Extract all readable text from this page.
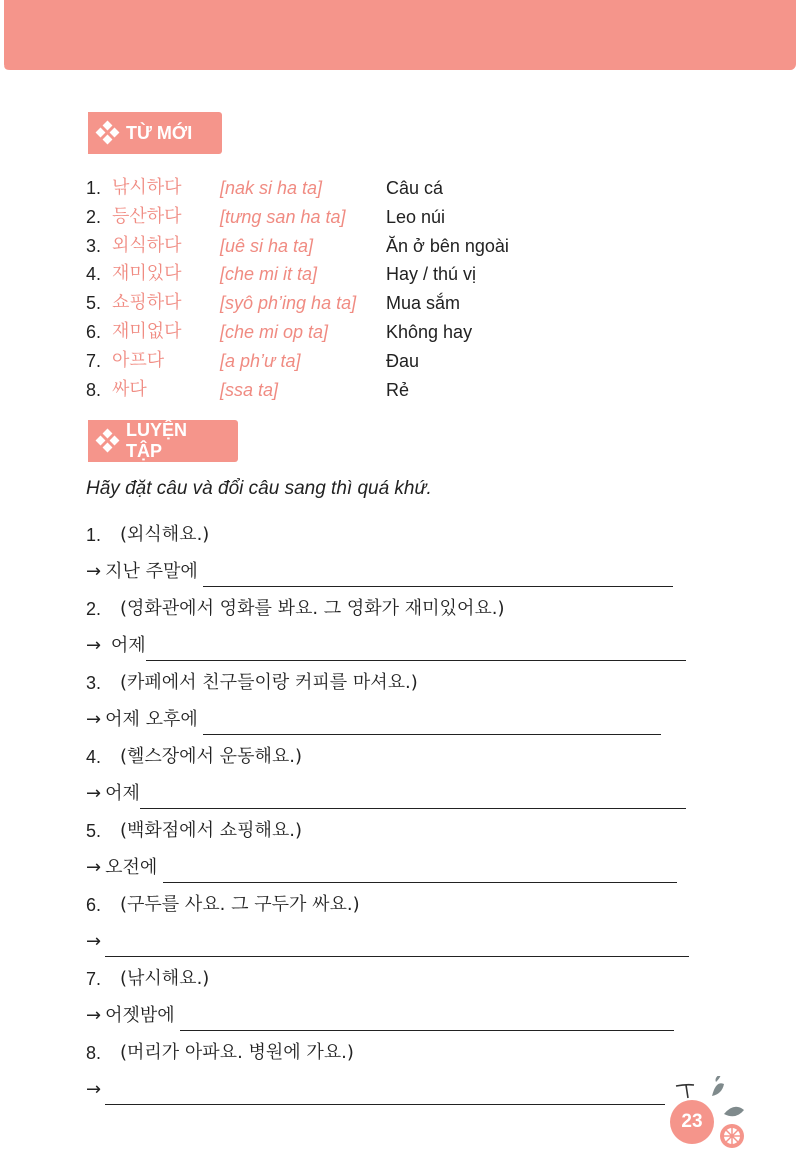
TỪ MỚI
1. 낚시하다 [nak si ha ta]	Câu cá
2. 등산하다 [tưng san ha ta] Leo núi
3. 외식하다 [uê si ha ta]	Ăn ở bên ngoài
4. 재미있다 [che mi it ta]	Hay / thú vị
5. 쇼핑하다 [syô ph’ing ha ta] Mua sắm
6. 재미없다 [che mi op ta]	Không hay
7. 아프다	[a ph’ư ta]	Đau
8. 싸다	[ssa ta]	Rẻ
LUYỆN TẬP
Hãy đặt câu và đổi câu sang thì quá khứ.
1. (외식해요.)
→ 지난 주말에
2. (영화관에서 영화를 봐요. 그 영화가 재미있어요.)
→ 어제
3. (카페에서 친구들이랑 커피를 마셔요.)
→ 어제 오후에
4. (헬스장에서 운동해요.)
→ 어제
5. (백화점에서 쇼핑해요.)
→ 오전에
6. (구두를 사요. 그 구두가 싸요.)
→
7. (낚시해요.)
→ 어젯밤에
8. (머리가 아파요. 병원에 가요.)
→
23
